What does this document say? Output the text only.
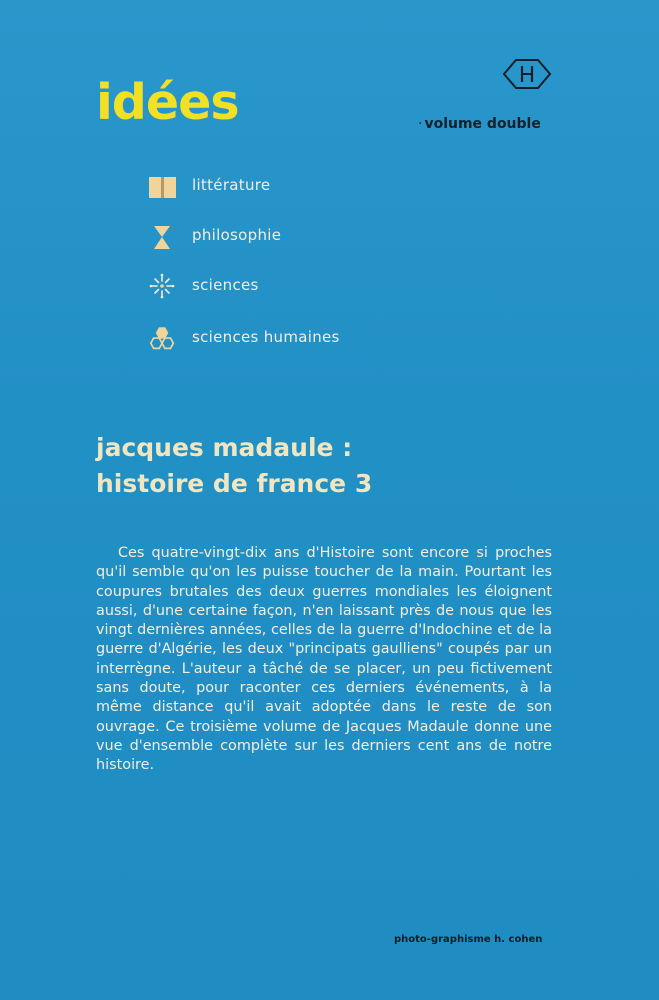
idées	· volume double
littérature
philosophie
sciences
sciences humaines
jacques madaule :
histoire de france 3
Ces quatre-vingt-dix ans d'Histoire sont encore si proches qu'il semble qu'on les puisse toucher de la main. Pourtant les coupures brutales des deux guerres mondiales les éloignent aussi, d'une certaine façon, n'en laissant près de nous que les vingt dernières années, celles de la guerre d'Indochine et de la guerre d'Algérie, les deux "principats gaulliens" coupés par un interrègne. L'auteur a tâché de se placer, un peu fictivement sans doute, pour raconter ces derniers événements, à la même distance qu'il avait adoptée dans le reste de son ouvrage. Ce troisième volume de Jacques Madaule donne une vue d'ensemble complète sur les derniers cent ans de notre histoire.
photo-graphisme h. cohen
